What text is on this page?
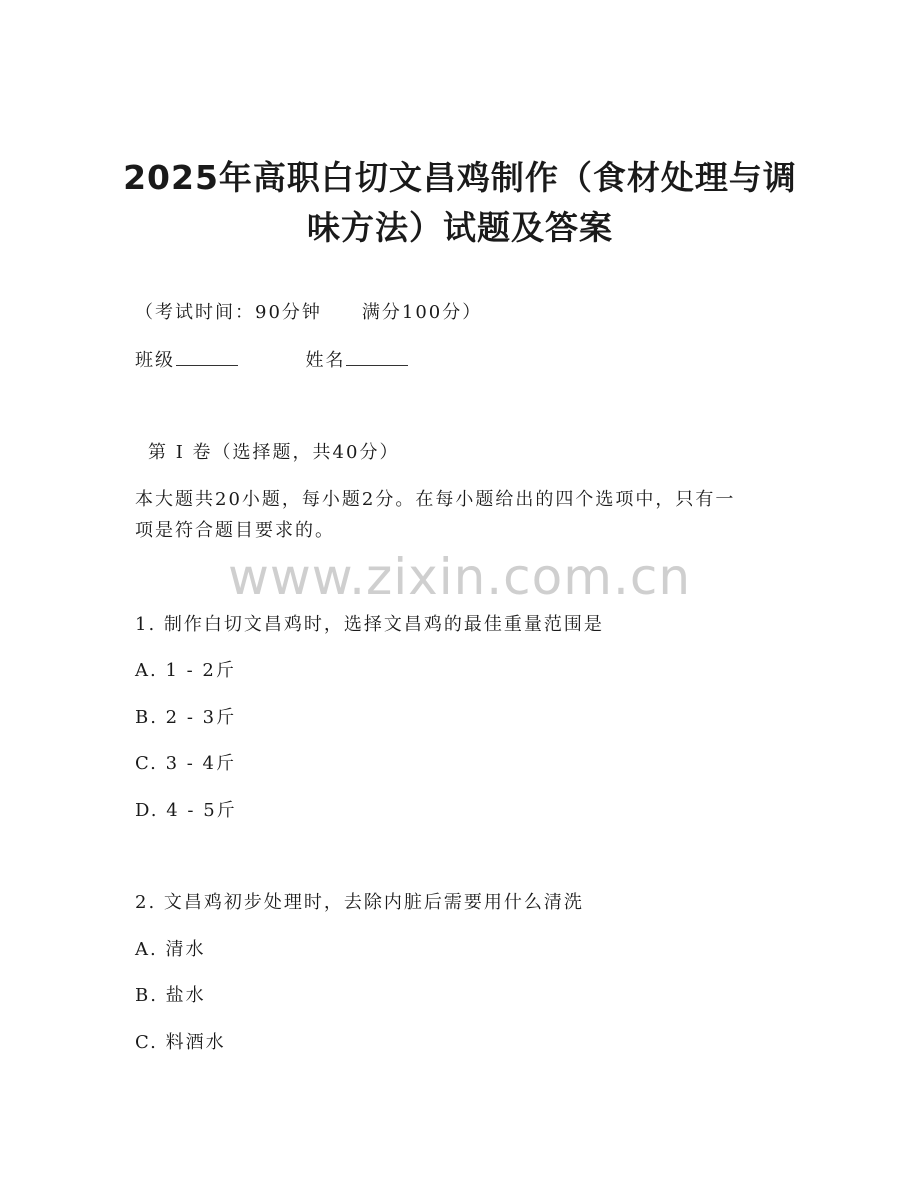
2025年高职白切文昌鸡制作（食材处理与调
味方法）试题及答案
（考试时间：90分钟　　满分100分）
班级	姓名
第 I 卷（选择题，共40分）
本大题共20小题，每小题2分。在每小题给出的四个选项中，只有一
项是符合题目要求的。
www.zixin.com.cn
1. 制作白切文昌鸡时，选择文昌鸡的最佳重量范围是
A. 1 - 2斤
B. 2 - 3斤
C. 3 - 4斤
D. 4 - 5斤
2. 文昌鸡初步处理时，去除内脏后需要用什么清洗
A. 清水
B. 盐水
C. 料酒水
